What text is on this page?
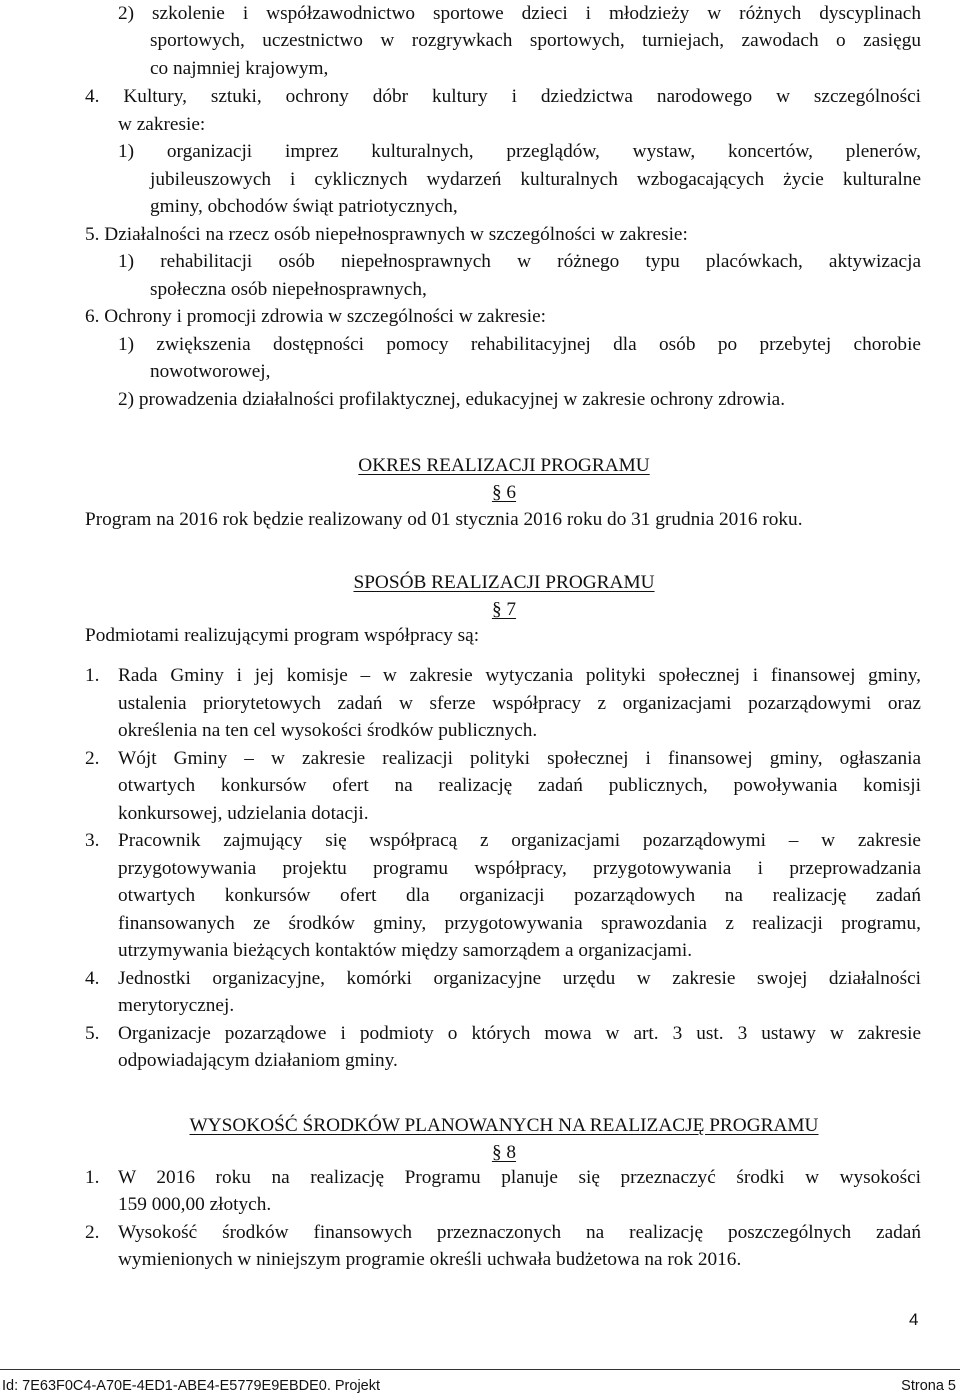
2) szkolenie i współzawodnictwo sportowe dzieci i młodzieży w różnych dyscyplinach
sportowych, uczestnictwo w rozgrywkach sportowych, turniejach, zawodach o zasięgu
co najmniej krajowym,
4. Kultury, sztuki, ochrony dóbr kultury i dziedzictwa narodowego w szczególności
w zakresie:
1) organizacji imprez kulturalnych, przeglądów, wystaw, koncertów, plenerów,
jubileuszowych i cyklicznych wydarzeń kulturalnych wzbogacających życie kulturalne
gminy, obchodów świąt patriotycznych,
5. Działalności na rzecz osób niepełnosprawnych w szczególności w zakresie:
1) rehabilitacji osób niepełnosprawnych w różnego typu placówkach, aktywizacja
społeczna osób niepełnosprawnych,
6. Ochrony i promocji zdrowia w szczególności w zakresie:
1) zwiększenia dostępności pomocy rehabilitacyjnej dla osób po przebytej chorobie
nowotworowej,
2) prowadzenia działalności profilaktycznej, edukacyjnej w zakresie ochrony zdrowia.
OKRES REALIZACJI PROGRAMU
§ 6
Program na 2016 rok będzie realizowany od 01 stycznia 2016 roku do 31 grudnia 2016 roku.
SPOSÓB REALIZACJI PROGRAMU
§ 7
Podmiotami realizującymi program współpracy są:
1. Rada Gminy i jej komisje – w zakresie wytyczania polityki społecznej i finansowej gminy,
ustalenia priorytetowych zadań w sferze współpracy z organizacjami pozarządowymi oraz
określenia na ten cel wysokości środków publicznych.
2. Wójt Gminy – w zakresie realizacji polityki społecznej i finansowej gminy, ogłaszania
otwartych konkursów ofert na realizację zadań publicznych, powoływania komisji
konkursowej, udzielania dotacji.
3. Pracownik zajmujący się współpracą z organizacjami pozarządowymi – w zakresie
przygotowywania projektu programu współpracy, przygotowywania i przeprowadzania
otwartych konkursów ofert dla organizacji pozarządowych na realizację zadań
finansowanych ze środków gminy, przygotowywania sprawozdania z realizacji programu,
utrzymywania bieżących kontaktów między samorządem a organizacjami.
4. Jednostki organizacyjne, komórki organizacyjne urzędu w zakresie swojej działalności
merytorycznej.
5. Organizacje pozarządowe i podmioty o których mowa w art. 3 ust. 3 ustawy w zakresie
odpowiadającym działaniom gminy.
WYSOKOŚĆ ŚRODKÓW PLANOWANYCH NA REALIZACJĘ PROGRAMU
§ 8
1. W 2016 roku na realizację Programu planuje się przeznaczyć środki w wysokości
159 000,00 złotych.
2. Wysokość środków finansowych przeznaczonych na realizację poszczególnych zadań
wymienionych w niniejszym programie określi uchwała budżetowa na rok 2016.
4
Id: 7E63F0C4-A70E-4ED1-ABE4-E5779E9EBDE0. Projekt	Strona 5
